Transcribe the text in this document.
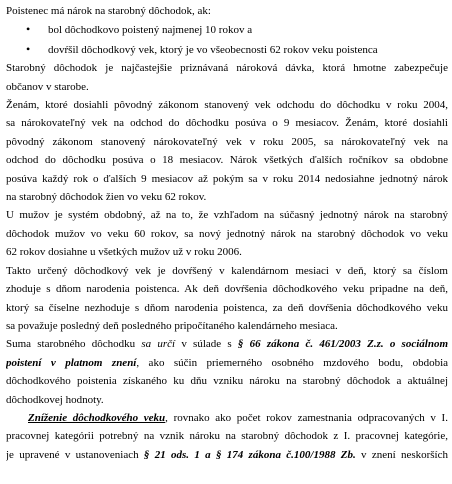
Poistenec má nárok na starobný dôchodok, ak:
•	bol dôchodkovo poistený najmenej 10 rokov a
•	dovŕšil dôchodkový vek, ktorý je vo všeobecnosti 62 rokov veku poistenca
Starobný dôchodok je najčastejšie priznávaná nároková dávka, ktorá hmotne zabezpečuje
občanov v starobe.
Ženám, ktoré dosiahli pôvodný zákonom stanovený vek odchodu do dôchodku v roku 2004,
sa nárokovateľný vek na odchod do dôchodku posúva o 9 mesiacov. Ženám, ktoré dosiahli
pôvodný zákonom stanovený nárokovateľný vek v roku 2005, sa nárokovateľný vek na
odchod do dôchodku posúva o 18 mesiacov. Nárok všetkých ďalších ročníkov sa obdobne
posúva každý rok o ďalších 9 mesiacov až pokým sa v roku 2014 nedosiahne jednotný nárok
na starobný dôchodok žien vo veku 62 rokov.
U mužov je systém obdobný, až na to, že vzhľadom na súčasný jednotný nárok na starobný
dôchodok mužov vo veku 60 rokov, sa nový jednotný nárok na starobný dôchodok vo veku
62 rokov dosiahne u všetkých mužov už v roku 2006.
Takto určený dôchodkový vek je dovŕšený v kalendárnom mesiaci v deň, ktorý sa číslom
zhoduje s dňom narodenia poistenca. Ak deň dovŕšenia dôchodkového veku pripadne na deň,
ktorý sa číselne nezhoduje s dňom narodenia poistenca, za deň dovŕšenia dôchodkového veku
sa považuje posledný deň posledného pripočítaného kalendárneho mesiaca.
Suma starobného dôchodku sa určí v súlade s § 66 zákona č. 461/2003 Z.z. o sociálnom
poistení v platnom znení, ako súčin priemerného osobného mzdového bodu, obdobia
dôchodkového poistenia získaného ku dňu vzniku nároku na starobný dôchodok a aktuálnej
dôchodkovej hodnoty.
Zníženie dôchodkového veku, rovnako ako počet rokov zamestnania odpracovaných v I.
pracovnej kategórii potrebný na vznik nároku na starobný dôchodok z I. pracovnej kategórie,
je upravené v ustanoveniach § 21 ods. 1 a § 174 zákona č.100/1988 Zb. v znení neskorších
